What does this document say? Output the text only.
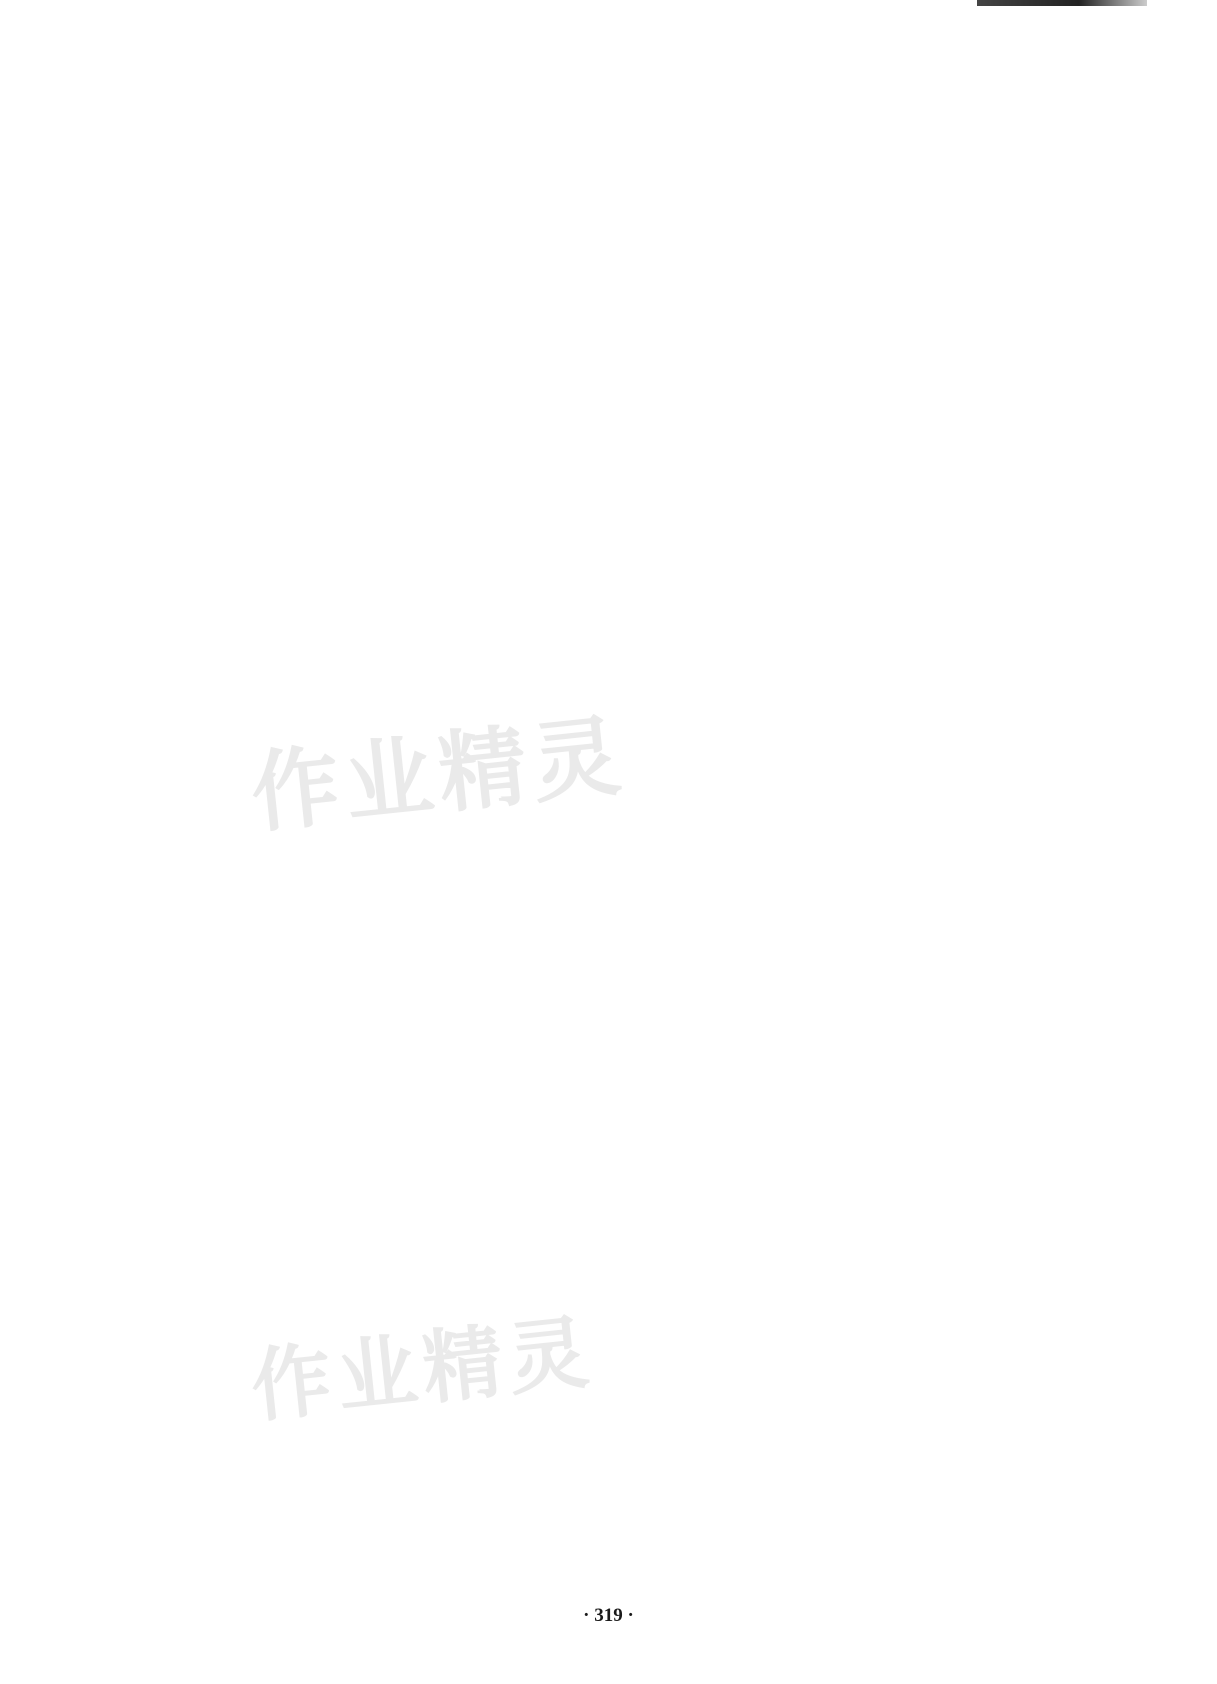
作业精灵
作业精灵
· 319 ·
